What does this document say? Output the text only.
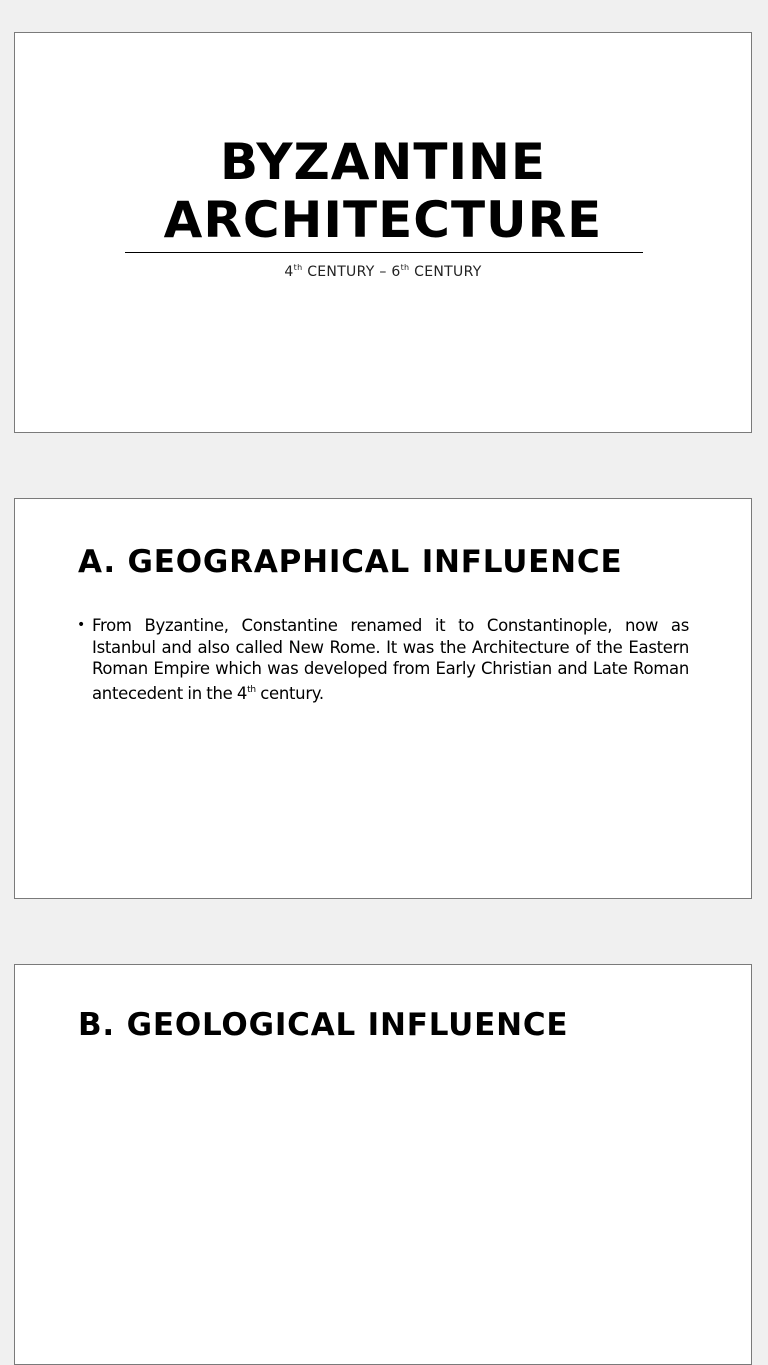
BYZANTINE
ARCHITECTURE
4th CENTURY – 6th CENTURY
A. GEOGRAPHICAL INFLUENCE
• From Byzantine, Constantine renamed it to Constantinople, now as Istanbul and also called New Rome. It was the Architecture of the Eastern Roman Empire which was developed from Early Christian and Late Roman antecedent in the 4th century.
B. GEOLOGICAL INFLUENCE
